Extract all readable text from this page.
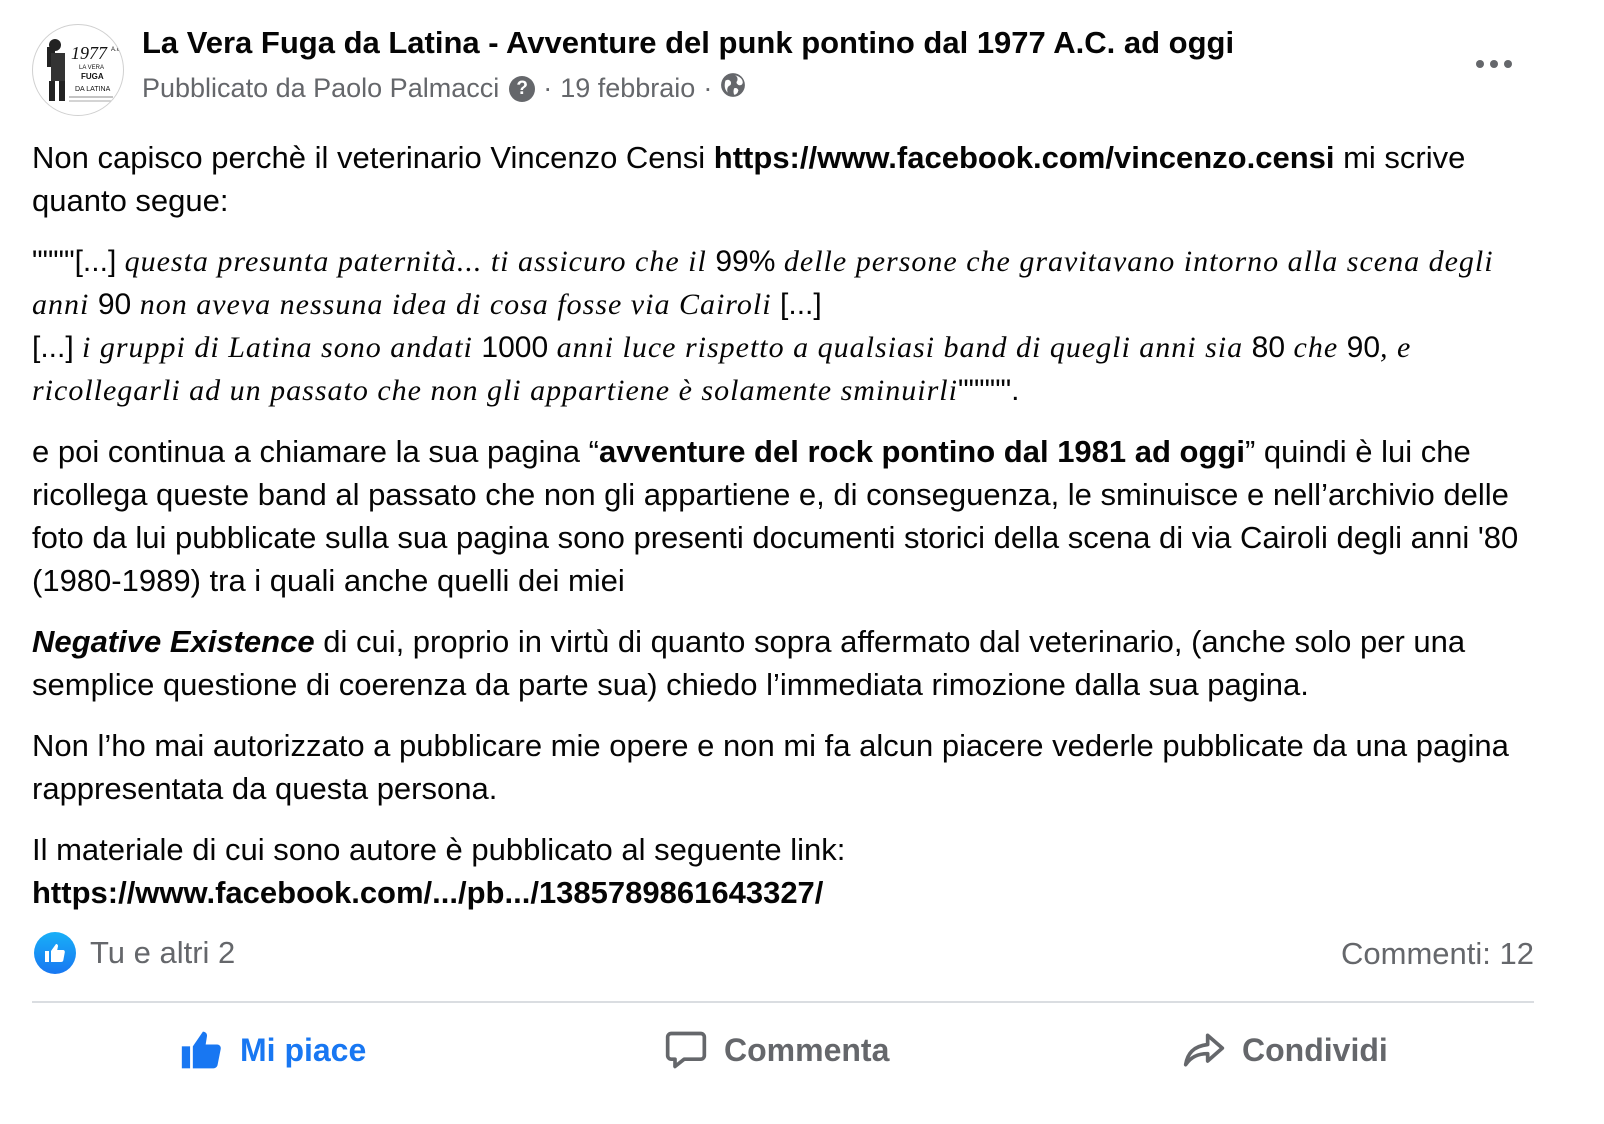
1977 A.C.
LA VERA
FUGA
DA LATINA
La Vera Fuga da Latina - Avventure del punk pontino dal 1977 A.C. ad oggi
Pubblicato da Paolo Palmacci ? · 19 febbraio ·

Non capisco perchè il veterinario Vincenzo Censi https://www.facebook.com/vincenzo.censi mi scrive quanto segue:

""""[...] questa presunta paternità... ti assicuro che il 99% delle persone che gravitavano intorno alla scena degli anni 90 non aveva nessuna idea di cosa fosse via Cairoli [...]
[...] i gruppi di Latina sono andati 1000 anni luce rispetto a qualsiasi band di quegli anni sia 80 che 90, e ricollegarli ad un passato che non gli appartiene è solamente sminuirli""""".

e poi continua a chiamare la sua pagina “avventure del rock pontino dal 1981 ad oggi” quindi è lui che ricollega queste band al passato che non gli appartiene e, di conseguenza, le sminuisce e nell’archivio delle foto da lui pubblicate sulla sua pagina sono presenti documenti storici della scena di via Cairoli degli anni '80 (1980-1989) tra i quali anche quelli dei miei

Negative Existence di cui, proprio in virtù di quanto sopra affermato dal veterinario, (anche solo per una semplice questione di coerenza da parte sua) chiedo l’immediata rimozione dalla sua pagina.

Non l’ho mai autorizzato a pubblicare mie opere e non mi fa alcun piacere vederle pubblicate da una pagina rappresentata da questa persona.

Il materiale di cui sono autore è pubblicato al seguente link:
https://www.facebook.com/.../pb.../1385789861643327/

Tu e altri 2	Commenti: 12
Mi piace	Commenta	Condividi
